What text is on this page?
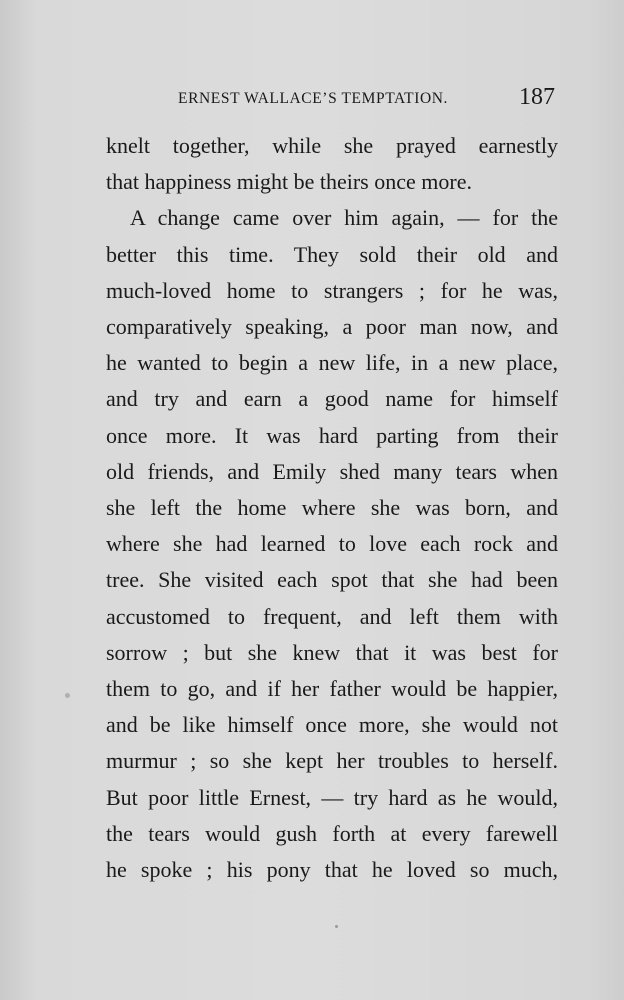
ERNEST WALLACE’S TEMPTATION.	187
knelt together, while she prayed earnestly
that happiness might be theirs once more.
A change came over him again, — for the
better this time. They sold their old and
much-loved home to strangers ; for he was,
comparatively speaking, a poor man now, and
he wanted to begin a new life, in a new place,
and try and earn a good name for himself
once more. It was hard parting from their
old friends, and Emily shed many tears when
she left the home where she was born, and
where she had learned to love each rock and
tree. She visited each spot that she had been
accustomed to frequent, and left them with
sorrow ; but she knew that it was best for
them to go, and if her father would be happier,
and be like himself once more, she would not
murmur ; so she kept her troubles to herself.
But poor little Ernest, — try hard as he would,
the tears would gush forth at every farewell
he spoke ; his pony that he loved so much,
